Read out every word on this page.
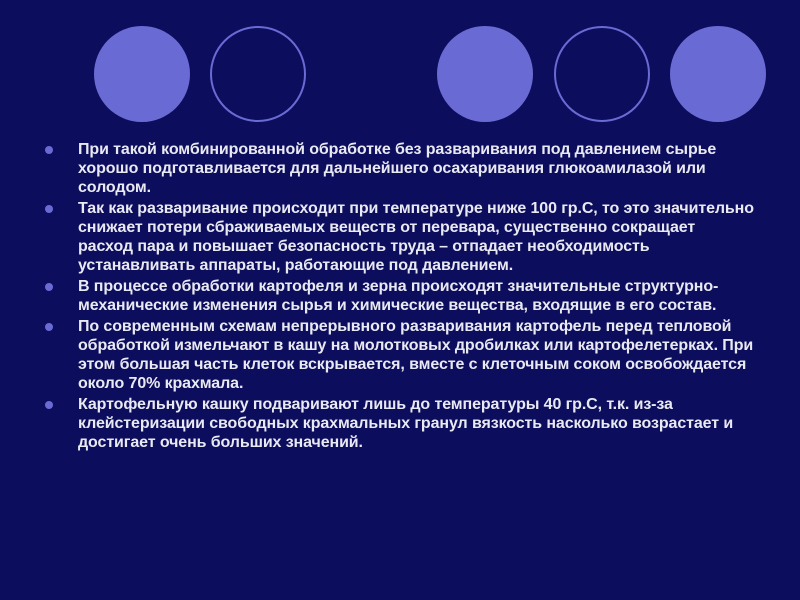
При такой комбинированной обработке без разваривания под давлением сырье хорошо подготавливается для дальнейшего осахаривания глюкоамилазой или солодом.
Так как разваривание происходит при температуре ниже 100 гр.С, то это значительно снижает потери сбраживаемых веществ от переварa, существенно сокращает расход пара и повышает безопасность труда – отпадает необходимость устанавливать аппараты, работающие под давлением.
В процессе обработки картофеля и зерна происходят значительные структурно-механические изменения сырья и химические вещества, входящие в его состав.
По современным схемам непрерывного разваривания картофель перед тепловой обработкой измельчают в кашу на молотковых дробилках или картофелетерках. При этом большая часть клеток вскрывается, вместе с клеточным соком освобождается около 70% крахмала.
Картофельную кашку подваривают лишь до температуры 40 гр.С, т.к. из-за клейстеризации свободных крахмальных гранул вязкость насколько возрастает и достигает очень больших значений.
